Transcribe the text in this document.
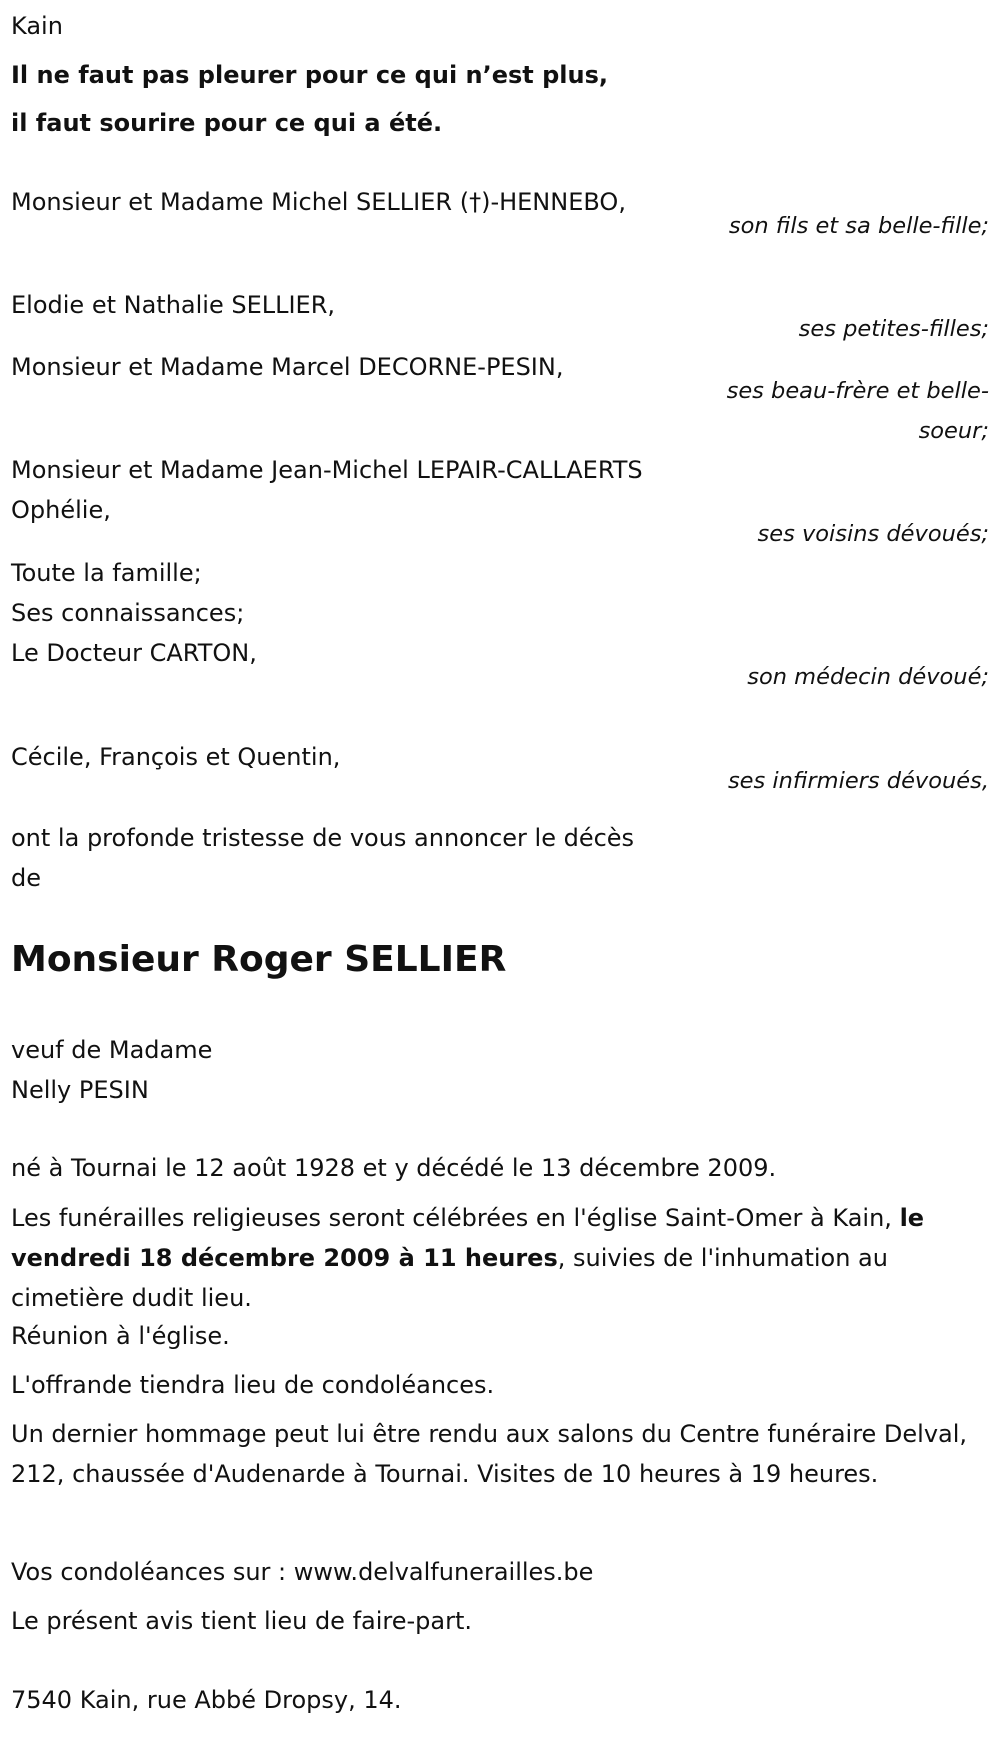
Kain
Il ne faut pas pleurer pour ce qui n’est plus,
il faut sourire pour ce qui a été.
Monsieur et Madame Michel SELLIER (†)-HENNEBO,
son fils et sa belle-fille;
Elodie et Nathalie SELLIER,
ses petites-filles;
Monsieur et Madame Marcel DECORNE-PESIN,
ses beau-frère et belle-soeur;
Monsieur et Madame Jean-Michel LEPAIR-CALLAERTS
Ophélie,
ses voisins dévoués;
Toute la famille;
Ses connaissances;
Le Docteur CARTON,
son médecin dévoué;
Cécile, François et Quentin,
ses infirmiers dévoués,
ont la profonde tristesse de vous annoncer le décès
de
Monsieur Roger SELLIER
veuf de Madame
Nelly PESIN
né à Tournai le 12 août 1928 et y décédé le 13 décembre 2009.
Les funérailles religieuses seront célébrées en l'église Saint-Omer à Kain, le vendredi 18 décembre 2009 à 11 heures, suivies de l'inhumation au cimetière dudit lieu.
Réunion à l'église.
L'offrande tiendra lieu de condoléances.
Un dernier hommage peut lui être rendu aux salons du Centre funéraire Delval, 212, chaussée d'Audenarde à Tournai. Visites de 10 heures à 19 heures.
Vos condoléances sur : www.delvalfunerailles.be
Le présent avis tient lieu de faire-part.
7540 Kain, rue Abbé Dropsy, 14.
